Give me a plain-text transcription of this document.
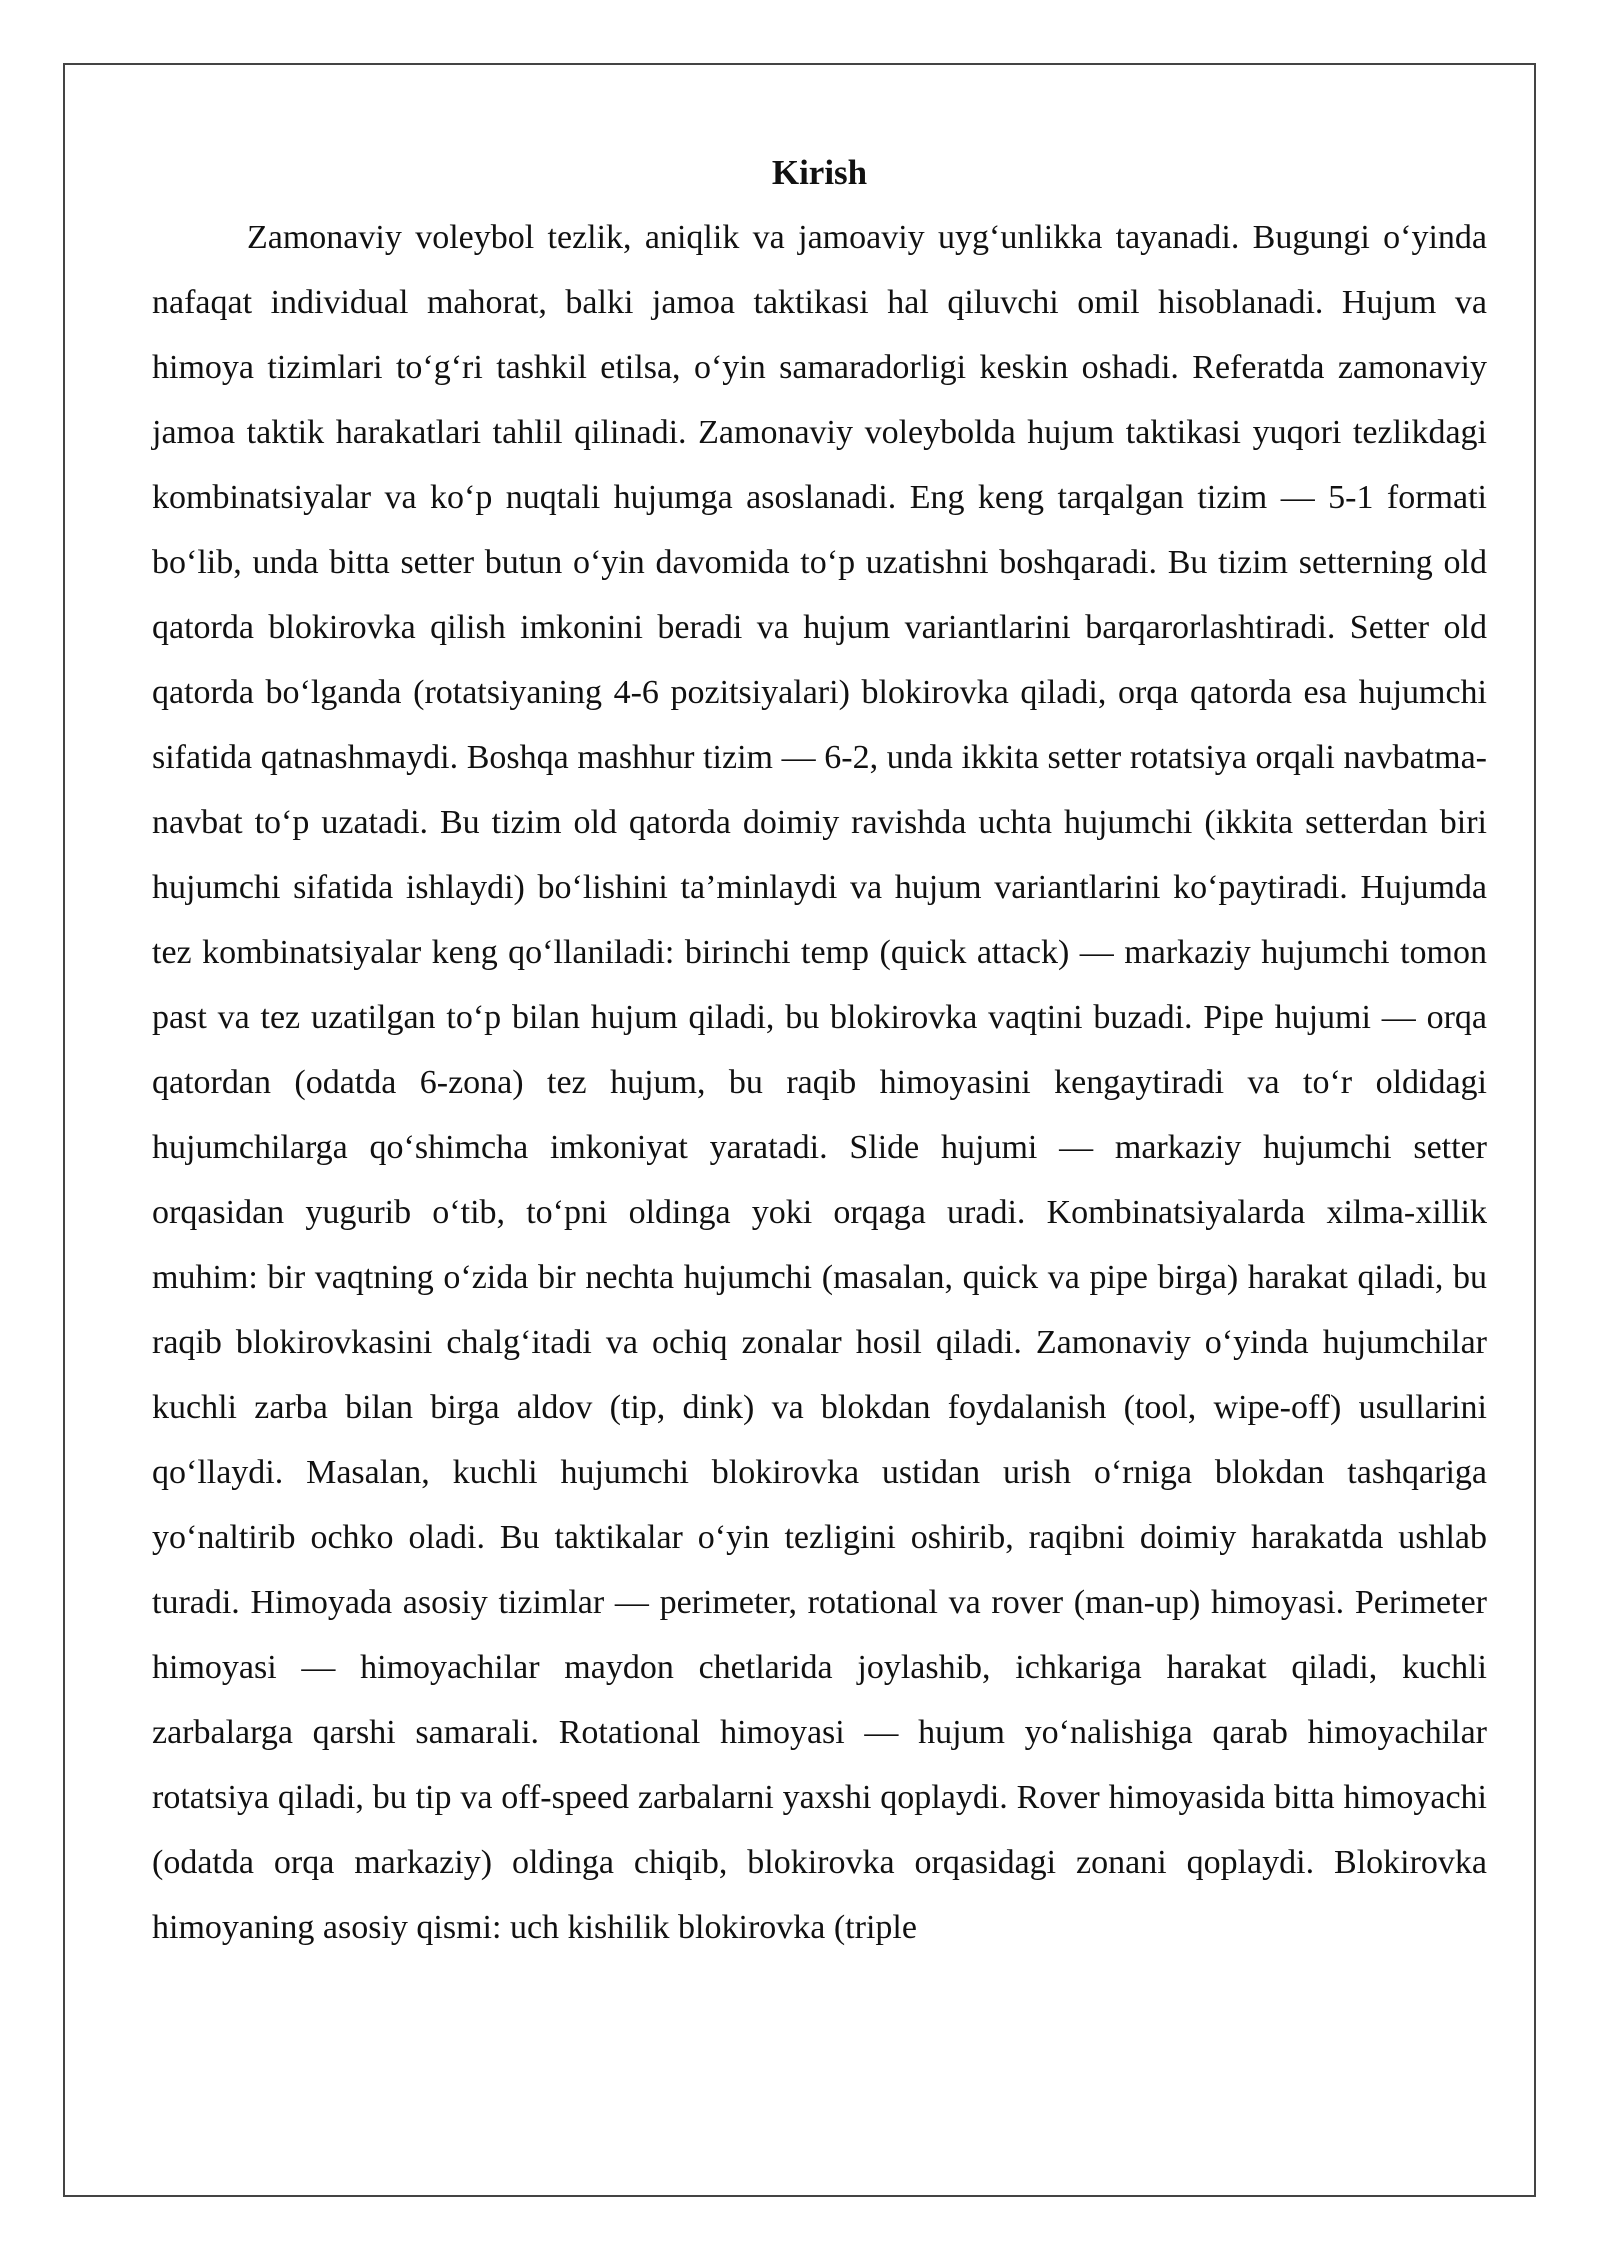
Kirish

Zamonaviy voleybol tezlik, aniqlik va jamoaviy uygʻunlikka tayanadi. Bugungi oʻyinda nafaqat individual mahorat, balki jamoa taktikasi hal qiluvchi omil hisoblanadi. Hujum va himoya tizimlari toʻgʻri tashkil etilsa, oʻyin samaradorligi keskin oshadi. Referatda zamonaviy jamoa taktik harakatlari tahlil qilinadi. Zamonaviy voleybolda hujum taktikasi yuqori tezlikdagi kombinatsiyalar va koʻp nuqtali hujumga asoslanadi. Eng keng tarqalgan tizim — 5-1 formati boʻlib, unda bitta setter butun oʻyin davomida toʻp uzatishni boshqaradi. Bu tizim setterning old qatorda blokirovka qilish imkonini beradi va hujum variantlarini barqarorlashtiradi. Setter old qatorda boʻlganda (rotatsiyaning 4-6 pozitsiyalari) blokirovka qiladi, orqa qatorda esa hujumchi sifatida qatnashmaydi. Boshqa mashhur tizim — 6-2, unda ikkita setter rotatsiya orqali navbatma-navbat toʻp uzatadi. Bu tizim old qatorda doimiy ravishda uchta hujumchi (ikkita setterdan biri hujumchi sifatida ishlaydi) boʻlishini ta’minlaydi va hujum variantlarini koʻpaytiradi. Hujumda tez kombinatsiyalar keng qoʻllaniladi: birinchi temp (quick attack) — markaziy hujumchi tomon past va tez uzatilgan toʻp bilan hujum qiladi, bu blokirovka vaqtini buzadi. Pipe hujumi — orqa qatordan (odatda 6-zona) tez hujum, bu raqib himoyasini kengaytiradi va toʻr oldidagi hujumchilarga qoʻshimcha imkoniyat yaratadi. Slide hujumi — markaziy hujumchi setter orqasidan yugurib oʻtib, toʻpni oldinga yoki orqaga uradi. Kombinatsiyalarda xilma-xillik muhim: bir vaqtning oʻzida bir nechta hujumchi (masalan, quick va pipe birga) harakat qiladi, bu raqib blokirovkasini chalgʻitadi va ochiq zonalar hosil qiladi. Zamonaviy oʻyinda hujumchilar kuchli zarba bilan birga aldov (tip, dink) va blokdan foydalanish (tool, wipe-off) usullarini qoʻllaydi. Masalan, kuchli hujumchi blokirovka ustidan urish oʻrniga blokdan tashqariga yoʻnaltirib ochko oladi. Bu taktikalar oʻyin tezligini oshirib, raqibni doimiy harakatda ushlab turadi. Himoyada asosiy tizimlar — perimeter, rotational va rover (man-up) himoyasi. Perimeter himoyasi — himoyachilar maydon chetlarida joylashib, ichkariga harakat qiladi, kuchli zarbalarga qarshi samarali. Rotational himoyasi — hujum yoʻnalishiga qarab himoyachilar rotatsiya qiladi, bu tip va off-speed zarbalarni yaxshi qoplaydi. Rover himoyasida bitta himoyachi (odatda orqa markaziy) oldinga chiqib, blokirovka orqasidagi zonani qoplaydi. Blokirovka himoyaning asosiy qismi: uch kishilik blokirovka (triple
